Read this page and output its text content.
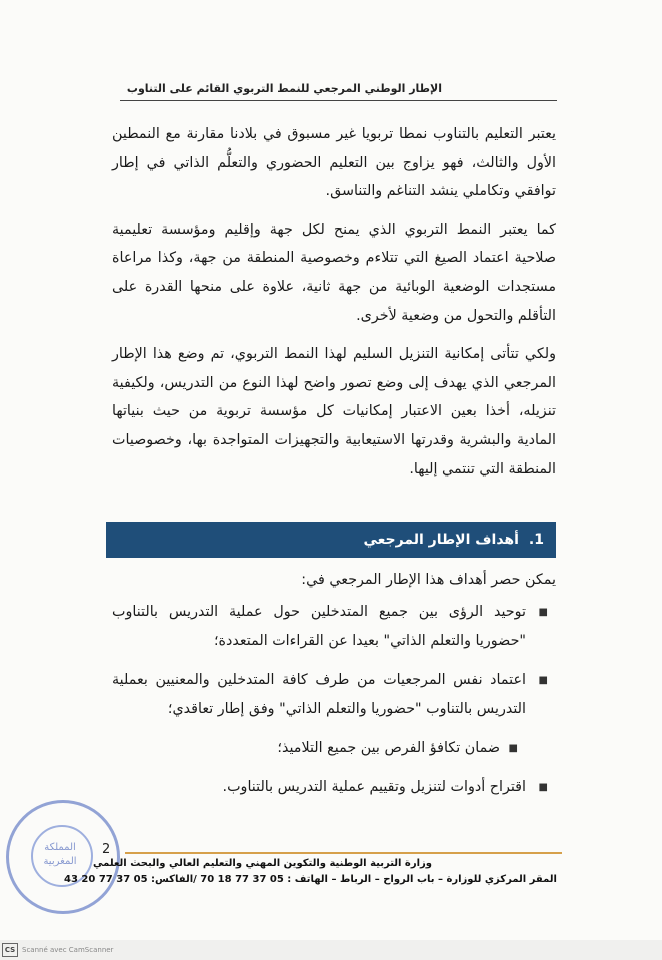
الإطار الوطني المرجعي للنمط التربوي القائم على التناوب

يعتبر التعليم بالتناوب نمطا تربويا غير مسبوق في بلادنا مقارنة مع النمطين الأول والثالث، فهو يزاوج بين التعليم الحضوري والتعلُّم الذاتي في إطار توافقي وتكاملي ينشد التناغم والتناسق.

كما يعتبر النمط التربوي الذي يمنح لكل جهة وإقليم ومؤسسة تعليمية صلاحية اعتماد الصيغ التي تتلاءم وخصوصية المنطقة من جهة، وكذا مراعاة مستجدات الوضعية الوبائية من جهة ثانية، علاوة على منحها القدرة على التأقلم والتحول من وضعية لأخرى.

ولكي تتأتى إمكانية التنزيل السليم لهذا النمط التربوي، تم وضع هذا الإطار المرجعي الذي يهدف إلى وضع تصور واضح لهذا النوع من التدريس، ولكيفية تنزيله، أخذا بعين الاعتبار إمكانيات كل مؤسسة تربوية من حيث بنياتها المادية والبشرية وقدرتها الاستيعابية والتجهيزات المتواجدة بها، وخصوصيات المنطقة التي تنتمي إليها.

1.
أهداف الإطار المرجعي
يمكن حصر أهداف هذا الإطار المرجعي في:
■
توحيد الرؤى بين جميع المتدخلين حول عملية التدريس بالتناوب "حضوريا والتعلم الذاتي" بعيدا عن القراءات المتعددة؛
■
اعتماد نفس المرجعيات من طرف كافة المتدخلين والمعنيين بعملية التدريس بالتناوب "حضوريا والتعلم الذاتي" وفق إطار تعاقدي؛
■
ضمان تكافؤ الفرص بين جميع التلاميذ؛
■
اقتراح أدوات لتنزيل وتقييم عملية التدريس بالتناوب.
المملكة المغربية
2
وزارة التربية الوطنية والتكوين المهني والتعليم العالي والبحث العلمي
المقر المركزي للوزارة – باب الرواح – الرباط – الهاتف : 05 37 77 18 70 /الفاكس: 05 37 77 20 43
CS Scanné avec CamScanner
